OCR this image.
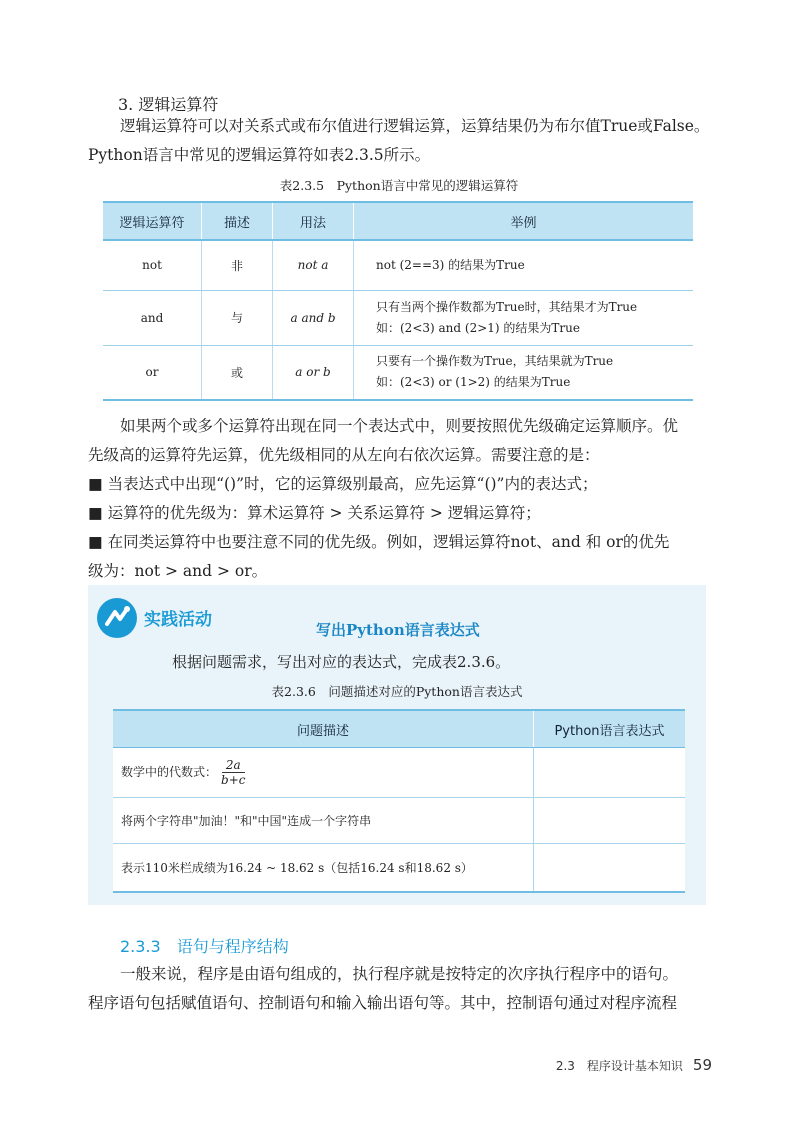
3. 逻辑运算符
逻辑运算符可以对关系式或布尔值进行逻辑运算，运算结果仍为布尔值True或False。
Python语言中常见的逻辑运算符如表2.3.5所示。
表2.3.5　Python语言中常见的逻辑运算符
逻辑运算符	描述	用法	举例
not	非	not a	not (2==3) 的结果为True

and	与	a and b	只有当两个操作数都为True时，其结果才为True
如：(2<3) and (2>1) 的结果为True

or	或	a or b	只要有一个操作数为True，其结果就为True
如：(2<3) or (1>2) 的结果为True
如果两个或多个运算符出现在同一个表达式中，则要按照优先级确定运算顺序。优
先级高的运算符先运算，优先级相同的从左向右依次运算。需要注意的是：
■ 当表达式中出现“()”时，它的运算级别最高，应先运算“()”内的表达式；
■ 运算符的优先级为：算术运算符 > 关系运算符 > 逻辑运算符；
■ 在同类运算符中也要注意不同的优先级。例如，逻辑运算符not、and 和 or的优先
级为：not > and > or。
实践活动	写出Python语言表达式
根据问题需求，写出对应的表达式，完成表2.3.6。
表2.3.6　问题描述对应的Python语言表达式
问题描述	Python语言表达式
数学中的代数式： $\frac{2a}{b+c}$

将两个字符串"加油！"和"中国"连成一个字符串	
表示110米栏成绩为16.24 ~ 18.62 s（包括16.24 s和18.62 s）	
2.3.3 语句与程序结构
一般来说，程序是由语句组成的，执行程序就是按特定的次序执行程序中的语句。
程序语句包括赋值语句、控制语句和输入输出语句等。其中，控制语句通过对程序流程
2.3　程序设计基本知识 59
